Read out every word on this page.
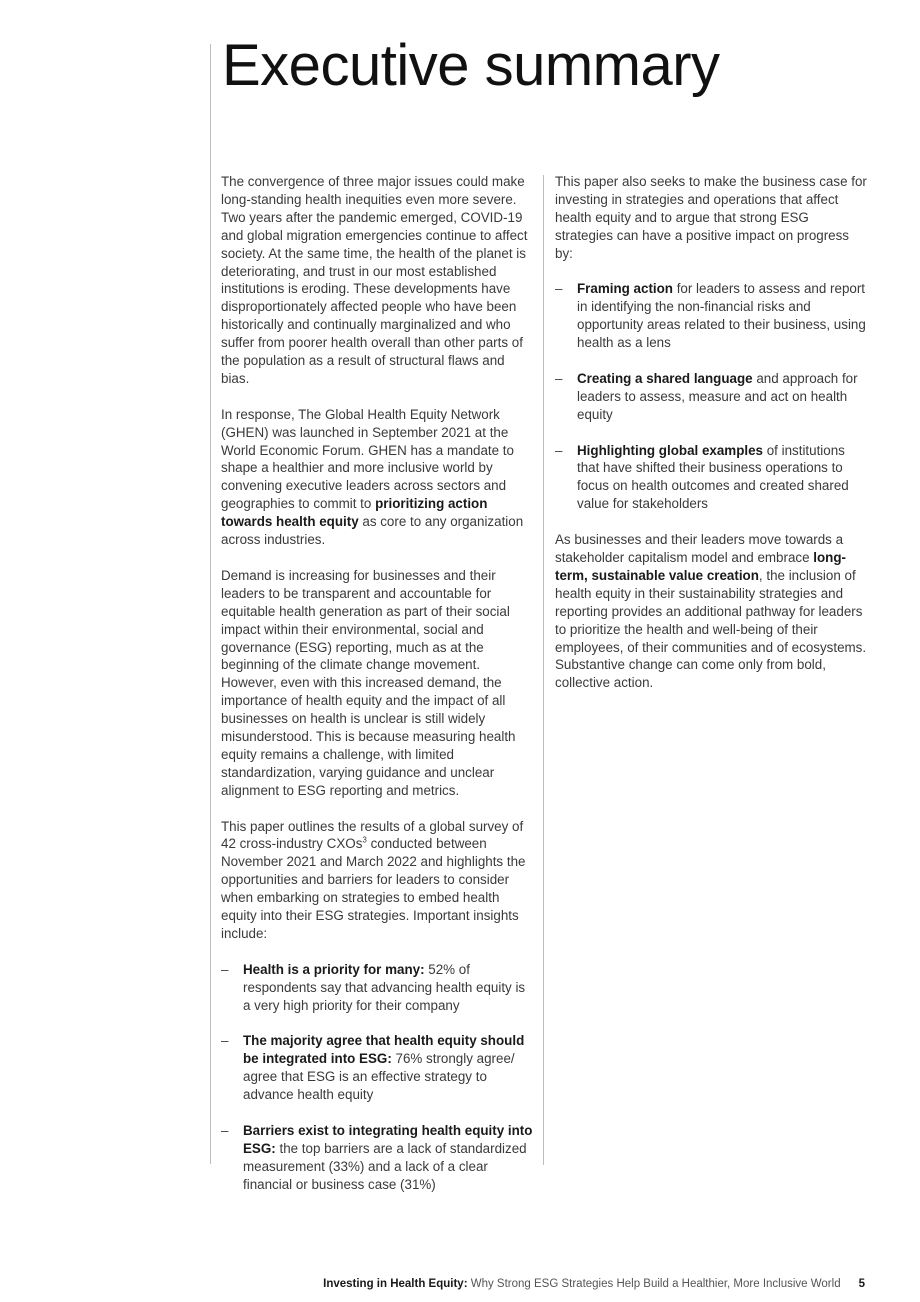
Executive summary

The convergence of three major issues could make long-standing health inequities even more severe. Two years after the pandemic emerged, COVID-19 and global migration emergencies continue to affect society. At the same time, the health of the planet is deteriorating, and trust in our most established institutions is eroding. These developments have disproportionately affected people who have been historically and continually marginalized and who suffer from poorer health overall than other parts of the population as a result of structural flaws and bias.

In response, The Global Health Equity Network (GHEN) was launched in September 2021 at the World Economic Forum. GHEN has a mandate to shape a healthier and more inclusive world by convening executive leaders across sectors and geographies to commit to prioritizing action towards health equity as core to any organization across industries.

Demand is increasing for businesses and their leaders to be transparent and accountable for equitable health generation as part of their social impact within their environmental, social and governance (ESG) reporting, much as at the beginning of the climate change movement. However, even with this increased demand, the importance of health equity and the impact of all businesses on health is unclear is still widely misunderstood. This is because measuring health equity remains a challenge, with limited standardization, varying guidance and unclear alignment to ESG reporting and metrics.

This paper outlines the results of a global survey of 42 cross-industry CXOs$^3$ conducted between November 2021 and March 2022 and highlights the opportunities and barriers for leaders to consider when embarking on strategies to embed health equity into their ESG strategies. Important insights include:

– Health is a priority for many: 52% of respondents say that advancing health equity is a very high priority for their company
– The majority agree that health equity should be integrated into ESG: 76% strongly agree/ agree that ESG is an effective strategy to advance health equity
– Barriers exist to integrating health equity into ESG: the top barriers are a lack of standardized measurement (33%) and a lack of a clear financial or business case (31%)

This paper also seeks to make the business case for investing in strategies and operations that affect health equity and to argue that strong ESG strategies can have a positive impact on progress by:

– Framing action for leaders to assess and report in identifying the non-financial risks and opportunity areas related to their business, using health as a lens
– Creating a shared language and approach for leaders to assess, measure and act on health equity
– Highlighting global examples of institutions that have shifted their business operations to focus on health outcomes and created shared value for stakeholders

As businesses and their leaders move towards a stakeholder capitalism model and embrace long-term, sustainable value creation, the inclusion of health equity in their sustainability strategies and reporting provides an additional pathway for leaders to prioritize the health and well-being of their employees, of their communities and of ecosystems. Substantive change can come only from bold, collective action.

Investing in Health Equity: Why Strong ESG Strategies Help Build a Healthier, More Inclusive World 5
